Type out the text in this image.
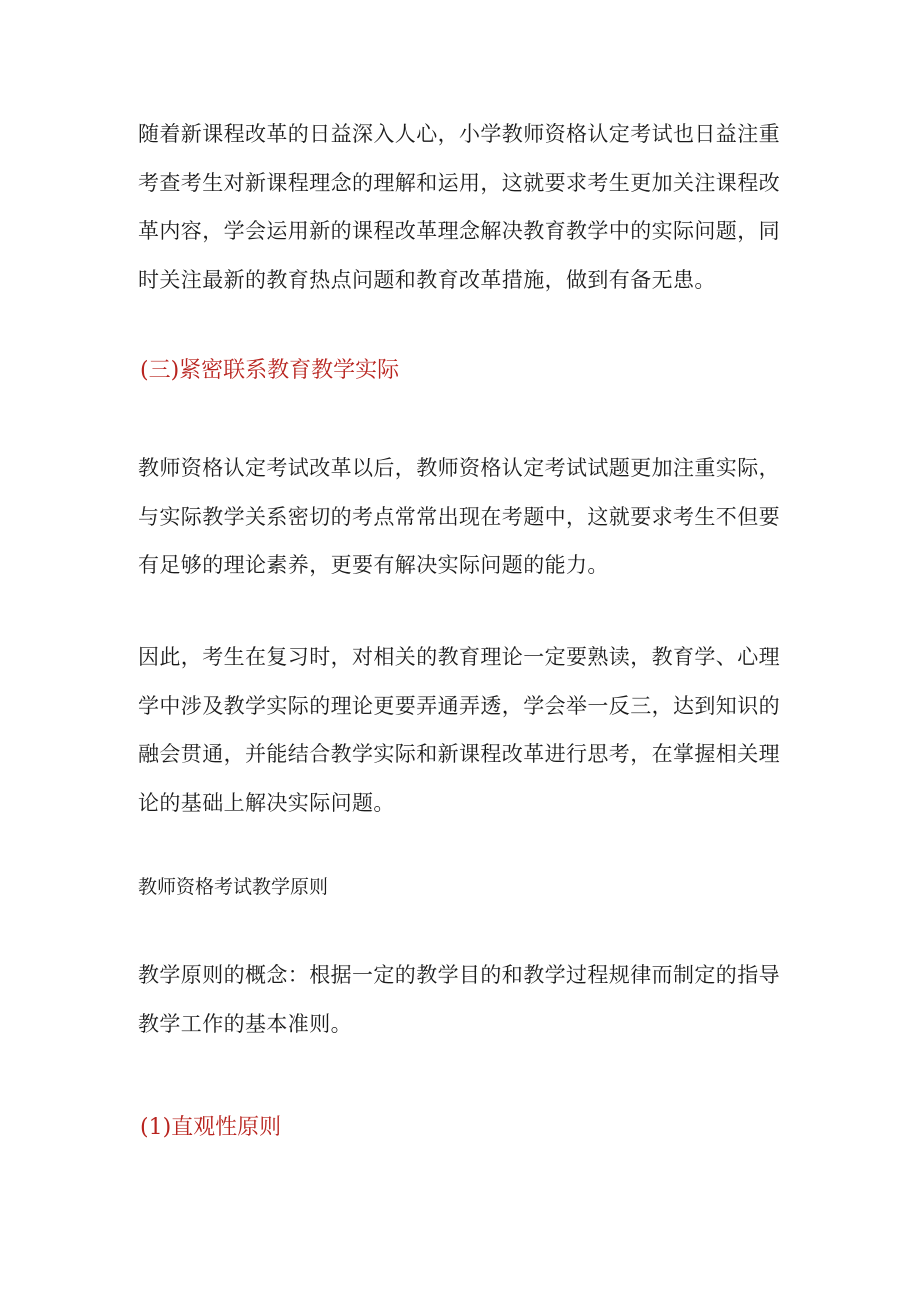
随着新课程改革的日益深入人心，小学教师资格认定考试也日益注重考查考生对新课程理念的理解和运用，这就要求考生更加关注课程改革内容，学会运用新的课程改革理念解决教育教学中的实际问题，同时关注最新的教育热点问题和教育改革措施，做到有备无患。

(三)紧密联系教育教学实际

教师资格认定考试改革以后，教师资格认定考试试题更加注重实际，与实际教学关系密切的考点常常出现在考题中，这就要求考生不但要有足够的理论素养，更要有解决实际问题的能力。

因此，考生在复习时，对相关的教育理论一定要熟读，教育学、心理学中涉及教学实际的理论更要弄通弄透，学会举一反三，达到知识的融会贯通，并能结合教学实际和新课程改革进行思考，在掌握相关理论的基础上解决实际问题。

教师资格考试教学原则

教学原则的概念：根据一定的教学目的和教学过程规律而制定的指导教学工作的基本准则。

(1)直观性原则
